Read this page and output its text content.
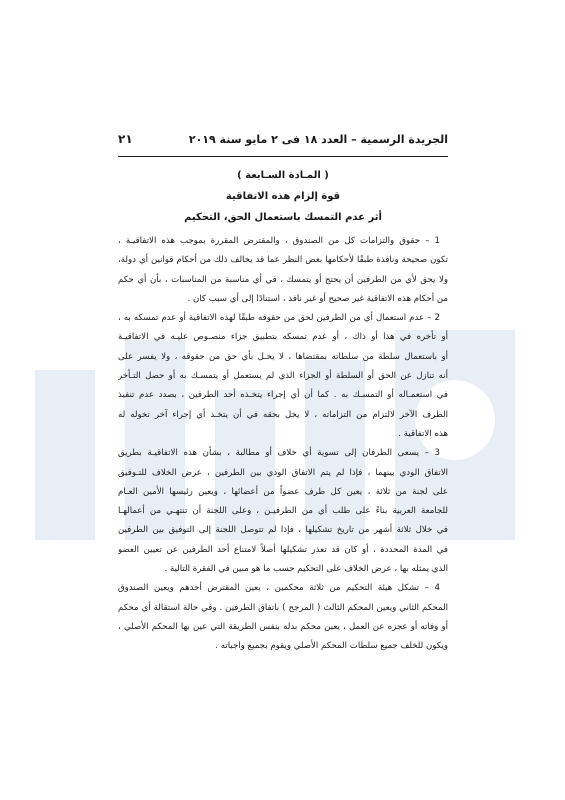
الجريدة الرسمية – العدد ١٨ فى ٢ مايو سنة ٢٠١٩
٢١
( المـادة السـابعة )
قوة إلزام هذه الاتفاقية
أثر عدم التمسك باستعمال الحق، التحكيم
1 – حقوق والتزامات كل من الصندوق ، والمقترض المقررة بموجب هذه الاتفاقيـة ،
تكون صحيحة ونافذة طبقًا لأحكامها بغض النظر عما قد يخالف ذلك من أحكام قوانين أي دولة،
ولا يحق لأي من الطرفين أن يحتج أو يتمسك ، في أي مناسبة من المناسبات ، بأن أي حكم
من أحكام هذه الاتفاقية غير صحيح أو غير نافذ ، استنادًا إلى أي سبب كان .
2 – عدم استعمال أي من الطرفين لحق من حقوقه طبقًا لهذه الاتفاقية أو عدم تمسكه به ،
أو تأخره في هذا أو ذاك ، أو عدم تمسكه بتطبيق جزاء منصـوص عليـه في الاتفاقيـة
أو باستعمال سلطة من سلطاته بمقتضاها ، لا يخـل بأي حق من حقوقه ، ولا يفسر على
أنه تنازل عن الحق أو السلطة أو الجزاء الذي لم يستعمل أو يتمسـك به أو حصل التـأخر
في استعمـاله أو التمسـك به . كما أن أي إجراء يتخـذه أحد الطرفين ، بصدد عدم تنفيذ
الطرف الآخر لالتزام من التزاماته ، لا يخل بحقه في أن يتخـذ أي إجراء آخر تخوله له
هذه الاتفاقية .
3 – يسعى الطرفان إلى تسوية أي خلاف أو مطالبة ، بشأن هذه الاتفاقيـة بطريق
الاتفاق الودي بينهما ، فإذا لم يتم الاتفاق الودي بين الطرفين ، عرض الخلاف للتـوفيق
على لجنة من ثلاثة ، يعين كل طرف عضواً من أعضائها ، ويعين رئيسها الأمين العـام
للجامعة العربية بناءً على طلب أي من الطرفيـن ، وعلى اللجنة أن تنتهـي من أعمالهـا
في خلال ثلاثة أشهر من تاريخ تشكيلها ، فإذا لم تتوصل اللجنة إلى التوفيق بين الطرفين
في المدة المحددة ، أو كان قد تعذر تشكيلها أصلاً لامتناع أحد الطرفين عن تعيين العضو
الذي يمثله بها ، عرض الخلاف على التحكيم حسب ما هو مبين في الفقرة التالية .
4 – تشكل هيئة التحكيم من ثلاثة محكمين ، يعين المقترض أحدهم ويعين الصندوق
المحكم الثاني ويعين المحكم الثالث ( المرجح ) باتفاق الطرفين . وفي حالة استقالة أي محكم
أو وفاته أو عجزه عن العمل ، يعين محكم بدله بنفس الطريقة التي عين بها المحكم الأصلي ،
ويكون للخلف جميع سلطات المحكم الأصلي ويقوم بجميع واجباته .
